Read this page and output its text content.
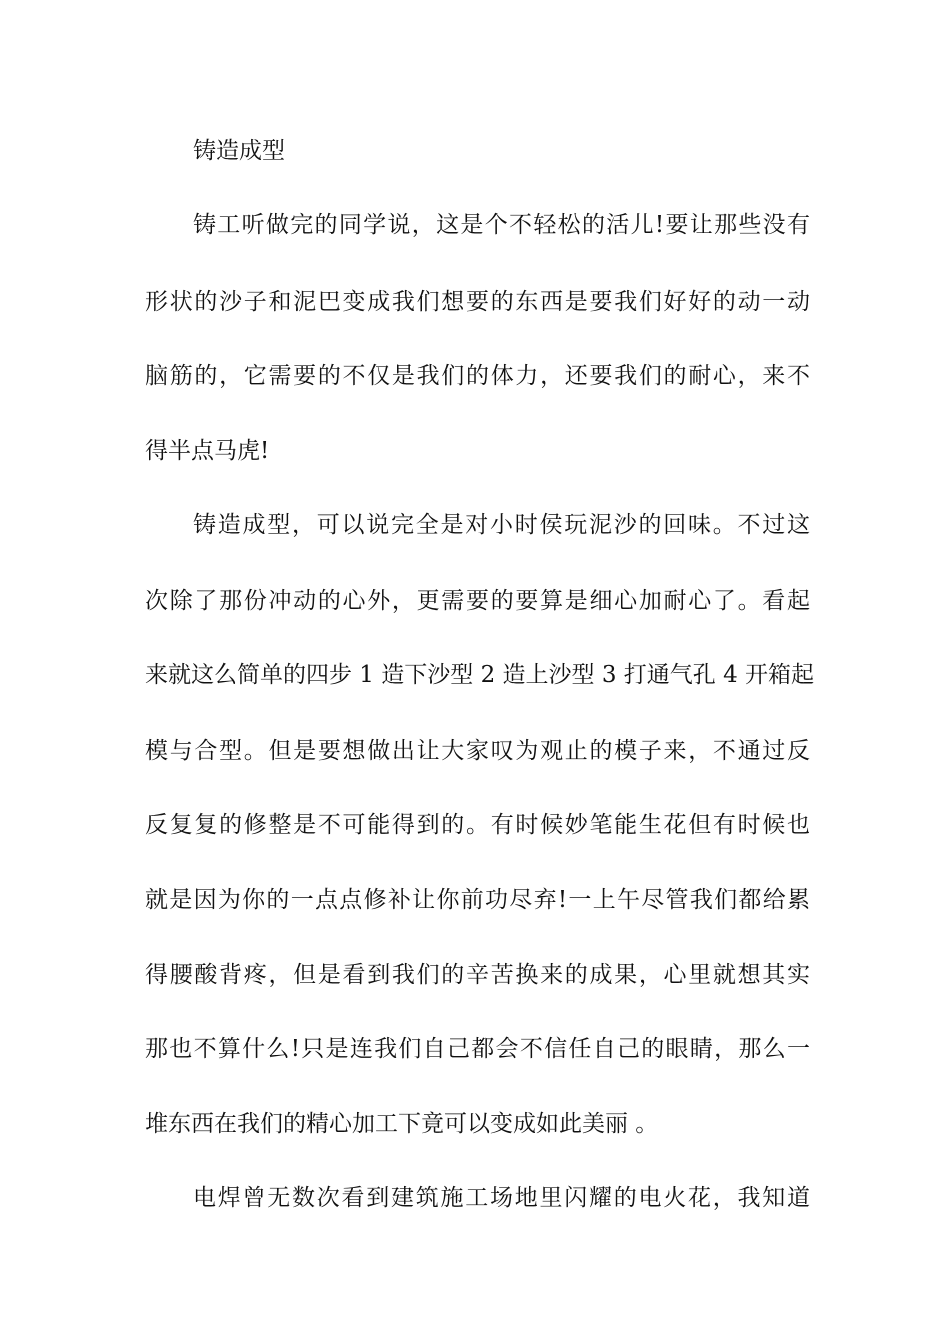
铸造成型
铸工听做完的同学说，这是个不轻松的活儿!要让那些没有
形状的沙子和泥巴变成我们想要的东西是要我们好好的动一动
脑筋的，它需要的不仅是我们的体力，还要我们的耐心，来不
得半点马虎!
铸造成型，可以说完全是对小时侯玩泥沙的回味。不过这
次除了那份冲动的心外，更需要的要算是细心加耐心了。看起
来就这么简单的四步 1 造下沙型 2 造上沙型 3 打通气孔 4 开箱起
模与合型。但是要想做出让大家叹为观止的模子来，不通过反
反复复的修整是不可能得到的。有时候妙笔能生花但有时候也
就是因为你的一点点修补让你前功尽弃!一上午尽管我们都给累
得腰酸背疼，但是看到我们的辛苦换来的成果，心里就想其实
那也不算什么!只是连我们自己都会不信任自己的眼睛，那么一
堆东西在我们的精心加工下竟可以变成如此美丽 。
电焊曾无数次看到建筑施工场地里闪耀的电火花，我知道
